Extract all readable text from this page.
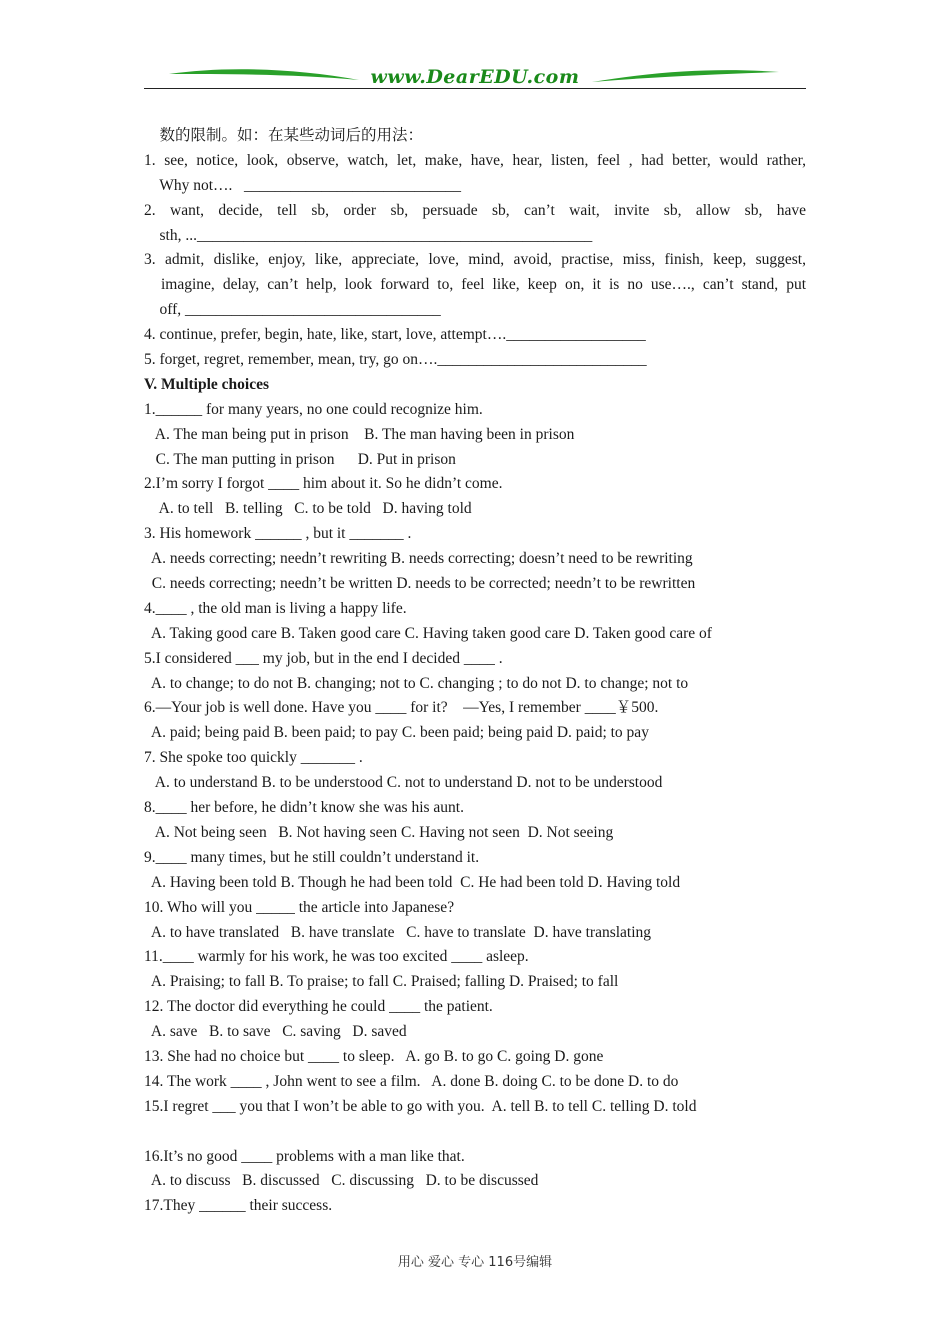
www.DearEDU.com
数的限制。如：在某些动词后的用法：
1. see, notice, look, observe, watch, let, make, have, hear, listen, feel , had better, would rather,
Why not….   ____________________________
2. want, decide, tell sb, order sb, persuade sb, can’t wait, invite sb, allow sb, have
sth, ...___________________________________________________
3. admit, dislike, enjoy, like, appreciate, love, mind, avoid, practise, miss, finish, keep, suggest,
imagine, delay, can’t help, look forward to, feel like, keep on, it is no use…., can’t stand, put
off, _________________________________
4. continue, prefer, begin, hate, like, start, love, attempt….__________________
5. forget, regret, remember, mean, try, go on….___________________________
V. Multiple choices
1.______ for many years, no one could recognize him.
A. The man being put in prison    B. The man having been in prison
C. The man putting in prison      D. Put in prison
2.I’m sorry I forgot ____ him about it. So he didn’t come.
A. to tell   B. telling   C. to be told   D. having told
3. His homework ______ , but it _______ .
A. needs correcting; needn’t rewriting B. needs correcting; doesn’t need to be rewriting
C. needs correcting; needn’t be written D. needs to be corrected; needn’t to be rewritten
4.____ , the old man is living a happy life.
A. Taking good care B. Taken good care C. Having taken good care D. Taken good care of
5.I considered ___ my job, but in the end I decided ____ .
A. to change; to do not B. changing; not to C. changing ; to do not D. to change; not to
6.—Your job is well done. Have you ____ for it?    —Yes, I remember ____￥500.
A. paid; being paid B. been paid; to pay C. been paid; being paid D. paid; to pay
7. She spoke too quickly _______ .
A. to understand B. to be understood C. not to understand D. not to be understood
8.____ her before, he didn’t know she was his aunt.
A. Not being seen   B. Not having seen C. Having not seen  D. Not seeing
9.____ many times, but he still couldn’t understand it.
A. Having been told B. Though he had been told  C. He had been told D. Having told
10. Who will you _____ the article into Japanese?
A. to have translated   B. have translate   C. have to translate  D. have translating
11.____ warmly for his work, he was too excited ____ asleep.
A. Praising; to fall B. To praise; to fall C. Praised; falling D. Praised; to fall
12. The doctor did everything he could ____ the patient.
A. save   B. to save   C. saving   D. saved
13. She had no choice but ____ to sleep.   A. go B. to go C. going D. gone
14. The work ____ , John went to see a film.   A. done B. doing C. to be done D. to do
15.I regret ___ you that I won’t be able to go with you.  A. tell B. to tell C. telling D. told
16.It’s no good ____ problems with a man like that.
A. to discuss   B. discussed   C. discussing   D. to be discussed
17.They ______ their success.
用心 爱心 专心 116号编辑
